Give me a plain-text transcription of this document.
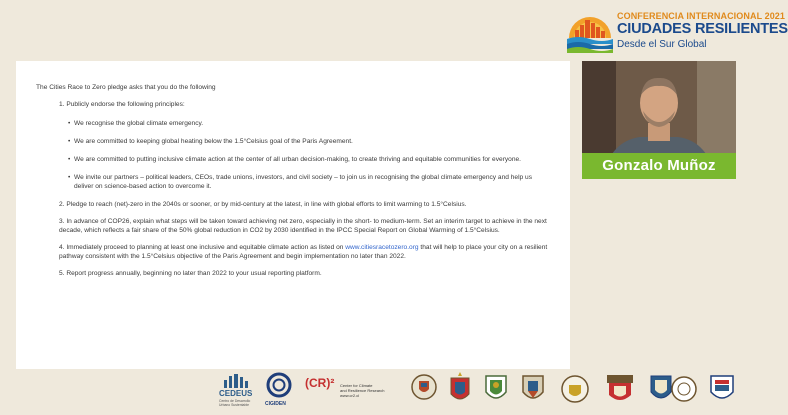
CONFERENCIA INTERNACIONAL 2021
CIUDADES RESILIENTES
Desde el Sur Global

The Cities Race to Zero pledge asks that you do the following

1. Publicly endorse the following principles:

• We recognise the global climate emergency.

• We are committed to keeping global heating below the 1.5°Celsius goal of the Paris Agreement.

• We are committed to putting inclusive climate action at the center of all urban decision-making, to create thriving and equitable communities for everyone.

• We invite our partners – political leaders, CEOs, trade unions, investors, and civil society – to join us in recognising the global climate emergency and help us deliver on science-based action to overcome it.

2. Pledge to reach (net)-zero in the 2040s or sooner, or by mid-century at the latest, in line with global efforts to limit warming to 1.5°Celsius.

3. In advance of COP26, explain what steps will be taken toward achieving net zero, especially in the short- to medium-term. Set an interim target to achieve in the next decade, which reflects a fair share of the 50% global reduction in CO2 by 2030 identified in the IPCC Special Report on Global Warming of 1.5°Celsius.

4. Immediately proceed to planning at least one inclusive and equitable climate action as listed on www.citiesracetozero.org that will help to place your city on a resilient pathway consistent with the 1.5°Celsius objective of the Paris Agreement and begin implementation no later than 2022.

5. Report progress annually, beginning no later than 2022 to your usual reporting platform.

Gonzalo Muñoz
CEDEUS
Centro de Desarrollo
Urbano Sustentable	CIGIDEN
(CR)² Center for Climate
and Resilience Research
www.cr2.cl
